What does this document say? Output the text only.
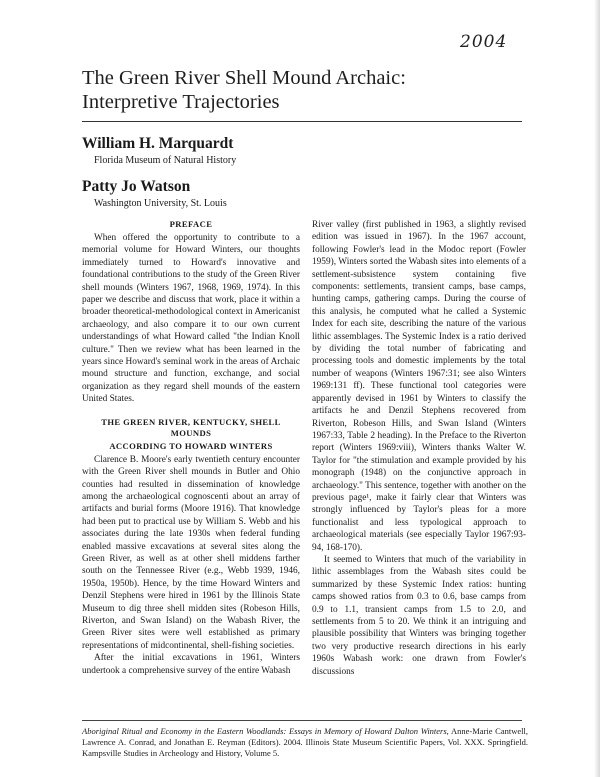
2004
The Green River Shell Mound Archaic:
Interpretive Trajectories
William H. Marquardt
Florida Museum of Natural History
Patty Jo Watson
Washington University, St. Louis
PREFACE

When offered the opportunity to contribute to a memorial volume for Howard Winters, our thoughts immediately turned to Howard's innovative and foundational contributions to the study of the Green River shell mounds (Winters 1967, 1968, 1969, 1974). In this paper we describe and discuss that work, place it within a broader theoretical-methodological context in Americanist archaeology, and also compare it to our own current understandings of what Howard called "the Indian Knoll culture." Then we review what has been learned in the years since Howard's seminal work in the areas of Archaic mound structure and function, exchange, and social organization as they regard shell mounds of the eastern United States.

THE GREEN RIVER, KENTUCKY, SHELL MOUNDS
ACCORDING TO HOWARD WINTERS

Clarence B. Moore's early twentieth century encounter with the Green River shell mounds in Butler and Ohio counties had resulted in dissemination of knowledge among the archaeological cognoscenti about an array of artifacts and burial forms (Moore 1916). That knowledge had been put to practical use by William S. Webb and his associates during the late 1930s when federal funding enabled massive excavations at several sites along the Green River, as well as at other shell middens farther south on the Tennessee River (e.g., Webb 1939, 1946, 1950a, 1950b). Hence, by the time Howard Winters and Denzil Stephens were hired in 1961 by the Illinois State Museum to dig three shell midden sites (Robeson Hills, Riverton, and Swan Island) on the Wabash River, the Green River sites were well established as primary representations of midcontinental, shell-fishing societies.

After the initial excavations in 1961, Winters undertook a comprehensive survey of the entire Wabash

River valley (first published in 1963, a slightly revised edition was issued in 1967). In the 1967 account, following Fowler's lead in the Modoc report (Fowler 1959), Winters sorted the Wabash sites into elements of a settlement-subsistence system containing five components: settlements, transient camps, base camps, hunting camps, gathering camps. During the course of this analysis, he computed what he called a Systemic Index for each site, describing the nature of the various lithic assemblages. The Systemic Index is a ratio derived by dividing the total number of fabricating and processing tools and domestic implements by the total number of weapons (Winters 1967:31; see also Winters 1969:131 ff). These functional tool categories were apparently devised in 1961 by Winters to classify the artifacts he and Denzil Stephens recovered from Riverton, Robeson Hills, and Swan Island (Winters 1967:33, Table 2 heading). In the Preface to the Riverton report (Winters 1969:viii), Winters thanks Walter W. Taylor for "the stimulation and example provided by his monograph (1948) on the conjunctive approach in archaeology." This sentence, together with another on the previous page¹, make it fairly clear that Winters was strongly influenced by Taylor's pleas for a more functionalist and less typological approach to archaeological materials (see especially Taylor 1967:93-94, 168-170).

It seemed to Winters that much of the variability in lithic assemblages from the Wabash sites could be summarized by these Systemic Index ratios: hunting camps showed ratios from 0.3 to 0.6, base camps from 0.9 to 1.1, transient camps from 1.5 to 2.0, and settlements from 5 to 20. We think it an intriguing and plausible possibility that Winters was bringing together two very productive research directions in his early 1960s Wabash work: one drawn from Fowler's discussions

Aboriginal Ritual and Economy in the Eastern Woodlands: Essays in Memory of Howard Dalton Winters, Anne-Marie Cantwell, Lawrence A. Conrad, and Jonathan E. Reyman (Editors). 2004. Illinois State Museum Scientific Papers, Vol. XXX. Springfield. Kampsville Studies in Archeology and History, Volume 5.
